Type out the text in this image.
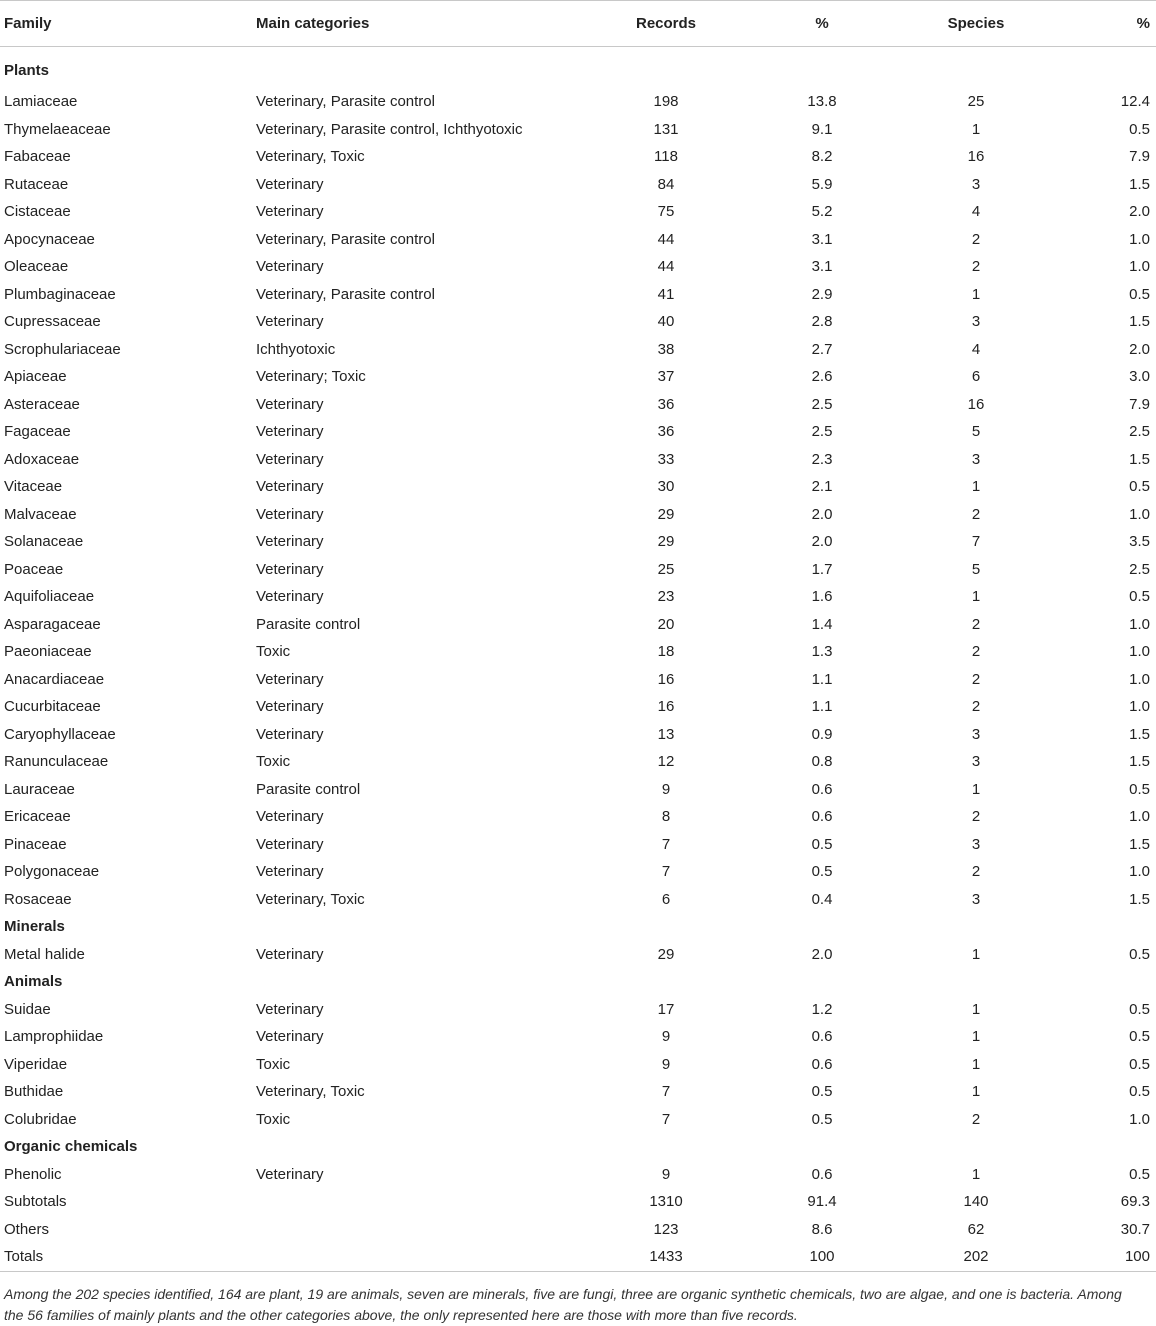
Family	Main categories	Records	%	Species	%
Plants					
Lamiaceae	Veterinary, Parasite control	198	13.8	25	12.4
Thymelaeaceae	Veterinary, Parasite control, Ichthyotoxic	131	9.1	1	0.5
Fabaceae	Veterinary, Toxic	118	8.2	16	7.9
Rutaceae	Veterinary	84	5.9	3	1.5
Cistaceae	Veterinary	75	5.2	4	2.0
Apocynaceae	Veterinary, Parasite control	44	3.1	2	1.0
Oleaceae	Veterinary	44	3.1	2	1.0
Plumbaginaceae	Veterinary, Parasite control	41	2.9	1	0.5
Cupressaceae	Veterinary	40	2.8	3	1.5
Scrophulariaceae	Ichthyotoxic	38	2.7	4	2.0
Apiaceae	Veterinary; Toxic	37	2.6	6	3.0
Asteraceae	Veterinary	36	2.5	16	7.9
Fagaceae	Veterinary	36	2.5	5	2.5
Adoxaceae	Veterinary	33	2.3	3	1.5
Vitaceae	Veterinary	30	2.1	1	0.5
Malvaceae	Veterinary	29	2.0	2	1.0
Solanaceae	Veterinary	29	2.0	7	3.5
Poaceae	Veterinary	25	1.7	5	2.5
Aquifoliaceae	Veterinary	23	1.6	1	0.5
Asparagaceae	Parasite control	20	1.4	2	1.0
Paeoniaceae	Toxic	18	1.3	2	1.0
Anacardiaceae	Veterinary	16	1.1	2	1.0
Cucurbitaceae	Veterinary	16	1.1	2	1.0
Caryophyllaceae	Veterinary	13	0.9	3	1.5
Ranunculaceae	Toxic	12	0.8	3	1.5
Lauraceae	Parasite control	9	0.6	1	0.5
Ericaceae	Veterinary	8	0.6	2	1.0
Pinaceae	Veterinary	7	0.5	3	1.5
Polygonaceae	Veterinary	7	0.5	2	1.0
Rosaceae	Veterinary, Toxic	6	0.4	3	1.5
Minerals					
Metal halide	Veterinary	29	2.0	1	0.5
Animals					
Suidae	Veterinary	17	1.2	1	0.5
Lamprophiidae	Veterinary	9	0.6	1	0.5
Viperidae	Toxic	9	0.6	1	0.5
Buthidae	Veterinary, Toxic	7	0.5	1	0.5
Colubridae	Toxic	7	0.5	2	1.0
Organic chemicals					
Phenolic	Veterinary	9	0.6	1	0.5
Subtotals		1310	91.4	140	69.3
Others		123	8.6	62	30.7
Totals		1433	100	202	100
Among the 202 species identified, 164 are plant, 19 are animals, seven are minerals, five are fungi, three are organic synthetic chemicals, two are algae, and one is bacteria. Among the 56 families of mainly plants and the other categories above, the only represented here are those with more than five records.
